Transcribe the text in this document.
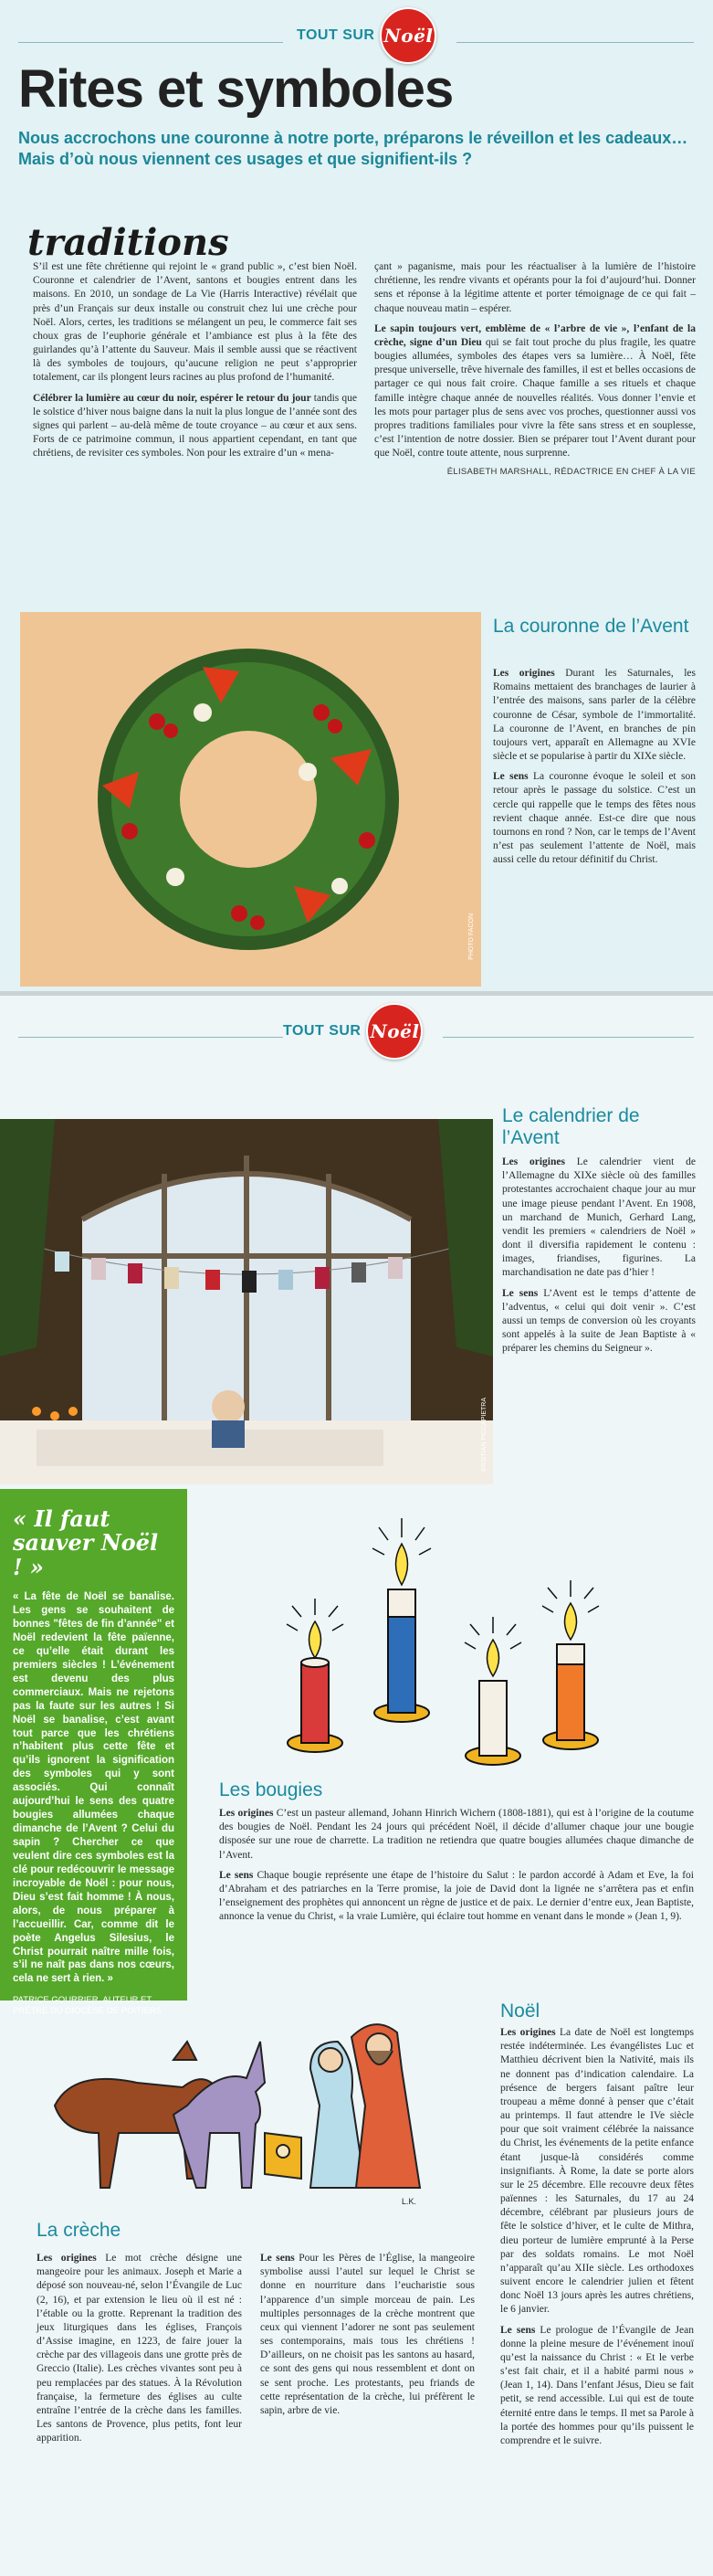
TOUT SUR Noël
Rites et symboles
Nous accrochons une couronne à notre porte, préparons le réveillon et les cadeaux… Mais d’où nous viennent ces usages et que signifient-ils ?
traditions

S’il est une fête chrétienne qui rejoint le « grand public », c’est bien Noël. Couronne et calendrier de l’Avent, santons et bougies entrent dans les maisons. En 2010, un sondage de La Vie (Harris Interactive) révélait que près d’un Français sur deux installe ou construit chez lui une crèche pour Noël. Alors, certes, les traditions se mélangent un peu, le commerce fait ses choux gras de l’euphorie générale et l’ambiance est plus à la fête des guirlandes qu’à l’attente du Sauveur. Mais il semble aussi que se réactivent là des symboles de toujours, qu’aucune religion ne peut s’approprier totalement, car ils plongent leurs racines au plus profond de l’humanité.

Célébrer la lumière au cœur du noir, espérer le retour du jour tandis que le solstice d’hiver nous baigne dans la nuit la plus longue de l’année sont des signes qui parlent – au-delà même de toute croyance – au cœur et aux sens. Forts de ce patrimoine commun, il nous appartient cependant, en tant que chrétiens, de revisiter ces symboles. Non pour les extraire d’un « mena-

çant » paganisme, mais pour les réactualiser à la lumière de l’histoire chrétienne, les rendre vivants et opérants pour la foi d’aujourd’hui. Donner sens et réponse à la légitime attente et porter témoignage de ce qui fait – chaque nouveau matin – espérer.

Le sapin toujours vert, emblème de « l’arbre de vie », l’enfant de la crèche, signe d’un Dieu qui se fait tout proche du plus fragile, les quatre bougies allumées, symboles des étapes vers sa lumière… À Noël, fête presque universelle, trêve hivernale des familles, il est et belles occasions de partager ce qui nous fait croire. Chaque famille a ses rituels et chaque famille intègre chaque année de nouvelles réalités. Vous donner l’envie et les mots pour partager plus de sens avec vos proches, questionner aussi vos propres traditions familiales pour vivre la fête sans stress et en souplesse, c’est l’intention de notre dossier. Bien se préparer tout l’Avent durant pour que Noël, contre toute attente, nous surprenne.

ÉLISABETH MARSHALL, RÉDACTRICE EN CHEF À LA VIE
PHOTO FACON
La couronne de l’Avent

Les origines Durant les Saturnales, les Romains mettaient des branchages de laurier à l’entrée des maisons, sans parler de la célèbre couronne de César, symbole de l’immortalité. La couronne de l’Avent, en branches de pin toujours vert, apparaît en Allemagne au XVIe siècle et se popularise à partir du XIXe siècle.

Le sens La couronne évoque le soleil et son retour après le passage du solstice. C’est un cercle qui rappelle que le temps des fêtes nous revient chaque année. Est-ce dire que nous tournons en rond ? Non, car le temps de l’Avent n’est pas seulement l’attente de Noël, mais aussi celle du retour définitif du Christ.

TOUT SUR Noël
KRISTIAN PICCAPIETRA
Le calendrier de l’Avent

Les origines Le calendrier vient de l’Allemagne du XIXe siècle où des familles protestantes accrochaient chaque jour au mur une image pieuse pendant l’Avent. En 1908, un marchand de Munich, Gerhard Lang, vendit les premiers « calendriers de Noël » dont il diversifia rapidement le contenu : images, friandises, figurines. La marchandisation ne date pas d’hier !

Le sens L’Avent est le temps d’attente de l’adventus, « celui qui doit venir ». C’est aussi un temps de conversion où les croyants sont appelés à la suite de Jean Baptiste à « préparer les chemins du Seigneur ».

« Il faut sauver Noël ! »
« La fête de Noël se banalise. Les gens se souhaitent de bonnes "fêtes de fin d’année" et Noël redevient la fête païenne, ce qu’elle était durant les premiers siècles ! L’événement est devenu des plus commerciaux. Mais ne rejetons pas la faute sur les autres ! Si Noël se banalise, c’est avant tout parce que les chrétiens n’habitent plus cette fête et qu’ils ignorent la signification des symboles qui y sont associés. Qui connaît aujourd’hui le sens des quatre bougies allumées chaque dimanche de l’Avent ? Celui du sapin ? Chercher ce que veulent dire ces symboles est la clé pour redécouvrir le message incroyable de Noël : pour nous, Dieu s’est fait homme ! À nous, alors, de nous préparer à l’accueillir. Car, comme dit le poète Angelus Silesius, le Christ pourrait naître mille fois, s’il ne naît pas dans nos cœurs, cela ne sert à rien. »
PATRICE GOURRIER, AUTEUR ET PRÊTRE DU DIOCÈSE DE POITIERS
Les bougies

Les origines C’est un pasteur allemand, Johann Hinrich Wichern (1808-1881), qui est à l’origine de la coutume des bougies de Noël. Pendant les 24 jours qui précédent Noël, il décide d’allumer chaque jour une bougie disposée sur une roue de charrette. La tradition ne retiendra que quatre bougies allumées chaque dimanche de l’Avent.

Le sens Chaque bougie représente une étape de l’histoire du Salut : le pardon accordé à Adam et Eve, la foi d’Abraham et des patriarches en la Terre promise, la joie de David dont la lignée ne s’arrêtera pas et enfin l’enseignement des prophètes qui annoncent un règne de justice et de paix. Le dernier d’entre eux, Jean Baptiste, annonce la venue du Christ, « la vraie Lumière, qui éclaire tout homme en venant dans le monde » (Jean 1, 9).

L.K.
Noël

Les origines La date de Noël est longtemps restée indéterminée. Les évangélistes Luc et Matthieu décrivent bien la Nativité, mais ils ne donnent pas d’indication calendaire. La présence de bergers faisant paître leur troupeau a même donné à penser que c’était au printemps. Il faut attendre le IVe siècle pour que soit vraiment célébrée la naissance du Christ, les événements de la petite enfance étant jusque-là considérés comme insignifiants. À Rome, la date se porte alors sur le 25 décembre. Elle recouvre deux fêtes païennes : les Saturnales, du 17 au 24 décembre, célébrant par plusieurs jours de fête le solstice d’hiver, et le culte de Mithra, dieu porteur de lumière emprunté à la Perse par des soldats romains. Le mot Noël n’apparaît qu’au XIIe siècle. Les orthodoxes suivent encore le calendrier julien et fêtent donc Noël 13 jours après les autres chrétiens, le 6 janvier.

Le sens Le prologue de l’Évangile de Jean donne la pleine mesure de l’événement inouï qu’est la naissance du Christ : « Et le verbe s’est fait chair, et il a habité parmi nous » (Jean 1, 14). Dans l’enfant Jésus, Dieu se fait petit, se rend accessible. Lui qui est de toute éternité entre dans le temps. Il met sa Parole à la portée des hommes pour qu’ils puissent le comprendre et le suivre.

La crèche

Les origines Le mot crèche désigne une mangeoire pour les animaux. Joseph et Marie a déposé son nouveau-né, selon l’Évangile de Luc (2, 16), et par extension le lieu où il est né : l’étable ou la grotte. Reprenant la tradition des jeux liturgiques dans les églises, François d’Assise imagine, en 1223, de faire jouer la crèche par des villageois dans une grotte près de Greccio (Italie). Les crèches vivantes sont peu à peu remplacées par des statues. À la Révolution française, la fermeture des églises au culte entraîne l’entrée de la crèche dans les familles. Les santons de Provence, plus petits, font leur apparition.

Le sens Pour les Pères de l’Église, la mangeoire symbolise aussi l’autel sur lequel le Christ se donne en nourriture dans l’eucharistie sous l’apparence d’un simple morceau de pain. Les multiples personnages de la crèche montrent que ceux qui viennent l’adorer ne sont pas seulement ses contemporains, mais tous les chrétiens ! D’ailleurs, on ne choisit pas les santons au hasard, ce sont des gens qui nous ressemblent et dont on se sent proche. Les protestants, peu friands de cette représentation de la crèche, lui préfèrent le sapin, arbre de vie.
